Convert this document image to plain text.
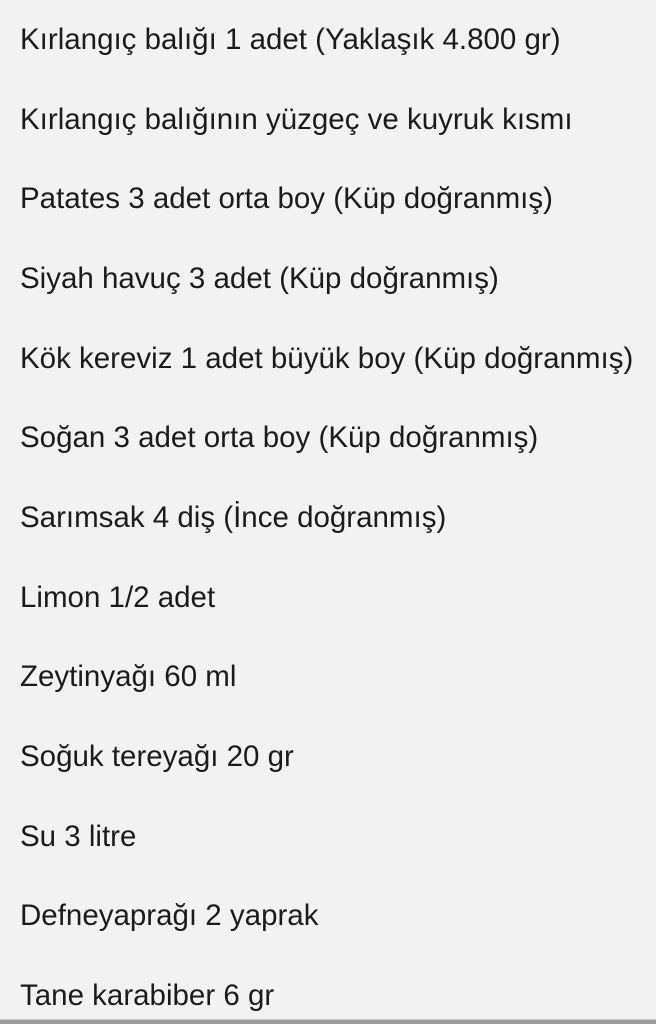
Kırlangıç balığı 1 adet (Yaklaşık 4.800 gr)
Kırlangıç balığının yüzgeç ve kuyruk kısmı
Patates 3 adet orta boy (Küp doğranmış)
Siyah havuç 3 adet (Küp doğranmış)
Kök kereviz 1 adet büyük boy (Küp doğranmış)
Soğan 3 adet orta boy (Küp doğranmış)
Sarımsak 4 diş (İnce doğranmış)
Limon 1/2 adet
Zeytinyağı 60 ml
Soğuk tereyağı 20 gr
Su 3 litre
Defneyaprağı 2 yaprak
Tane karabiber 6 gr
